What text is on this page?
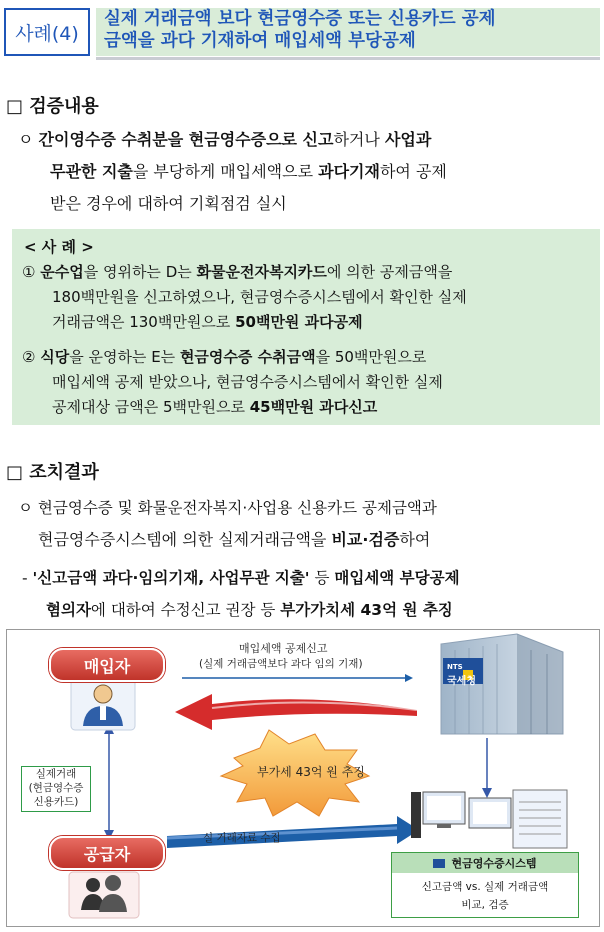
사례(4)
실제 거래금액 보다 현금영수증 또는 신용카드 공제
금액을 과다 기재하여 매입세액 부당공제
□ 검증내용
ㅇ 간이영수증 수취분을 현금영수증으로 신고하거나 사업과
무관한 지출을 부당하게 매입세액으로 과다기재하여 공제
받은 경우에 대하여 기획점검 실시
< 사 례 >
① 운수업을 영위하는 D는 화물운전자복지카드에 의한 공제금액을
180백만원을 신고하였으나, 현금영수증시스템에서 확인한 실제
거래금액은 130백만원으로 50백만원 과다공제
② 식당을 운영하는 E는 현금영수증 수취금액을 50백만원으로
매입세액 공제 받았으나, 현금영수증시스템에서 확인한 실제
공제대상 금액은 5백만원으로 45백만원 과다신고
□ 조치결과
ㅇ 현금영수증 및 화물운전자복지·사업용 신용카드 공제금액과
현금영수증시스템에 의한 실제거래금액을 비교·검증하여
- '신고금액 과다·임의기재, 사업무관 지출' 등 매입세액 부당공제
혐의자에 대하여 수정신고 권장 등 부가가치세 43억 원 추징
매입자
공급자
매입세액 공제신고
(실제 거래금액보다 과다 임의 기재)	NTS
국세청
부가세 43억 원 추징
실제거래
(현금영수증
신용카드)
실 거래자료 수집
현금영수증시스템
신고금액 vs. 실제 거래금액
비교, 검증
